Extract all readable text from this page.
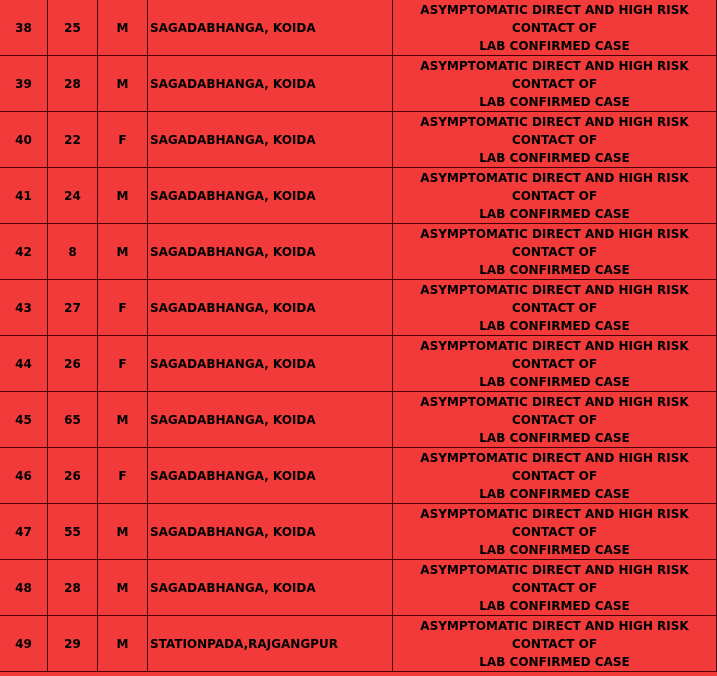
38	25	M SAGADABHANGA, KOIDA
ASYMPTOMATIC DIRECT AND HIGH RISK CONTACT OF
LAB CONFIRMED CASE
39	28	M SAGADABHANGA, KOIDA
ASYMPTOMATIC DIRECT AND HIGH RISK CONTACT OF
LAB CONFIRMED CASE
40	22	F SAGADABHANGA, KOIDA
ASYMPTOMATIC DIRECT AND HIGH RISK CONTACT OF
LAB CONFIRMED CASE
41	24	M SAGADABHANGA, KOIDA
ASYMPTOMATIC DIRECT AND HIGH RISK CONTACT OF
LAB CONFIRMED CASE
42	8	M SAGADABHANGA, KOIDA
ASYMPTOMATIC DIRECT AND HIGH RISK CONTACT OF
LAB CONFIRMED CASE
43	27	F SAGADABHANGA, KOIDA
ASYMPTOMATIC DIRECT AND HIGH RISK CONTACT OF
LAB CONFIRMED CASE
44	26	F SAGADABHANGA, KOIDA
ASYMPTOMATIC DIRECT AND HIGH RISK CONTACT OF
LAB CONFIRMED CASE
45	65	M SAGADABHANGA, KOIDA
ASYMPTOMATIC DIRECT AND HIGH RISK CONTACT OF
LAB CONFIRMED CASE
46	26	F SAGADABHANGA, KOIDA
ASYMPTOMATIC DIRECT AND HIGH RISK CONTACT OF
LAB CONFIRMED CASE
47	55	M SAGADABHANGA, KOIDA
ASYMPTOMATIC DIRECT AND HIGH RISK CONTACT OF
LAB CONFIRMED CASE
48	28	M SAGADABHANGA, KOIDA
ASYMPTOMATIC DIRECT AND HIGH RISK CONTACT OF
LAB CONFIRMED CASE
49	29	M STATIONPADA,RAJGANGPUR
ASYMPTOMATIC DIRECT AND HIGH RISK CONTACT OF
LAB CONFIRMED CASE
